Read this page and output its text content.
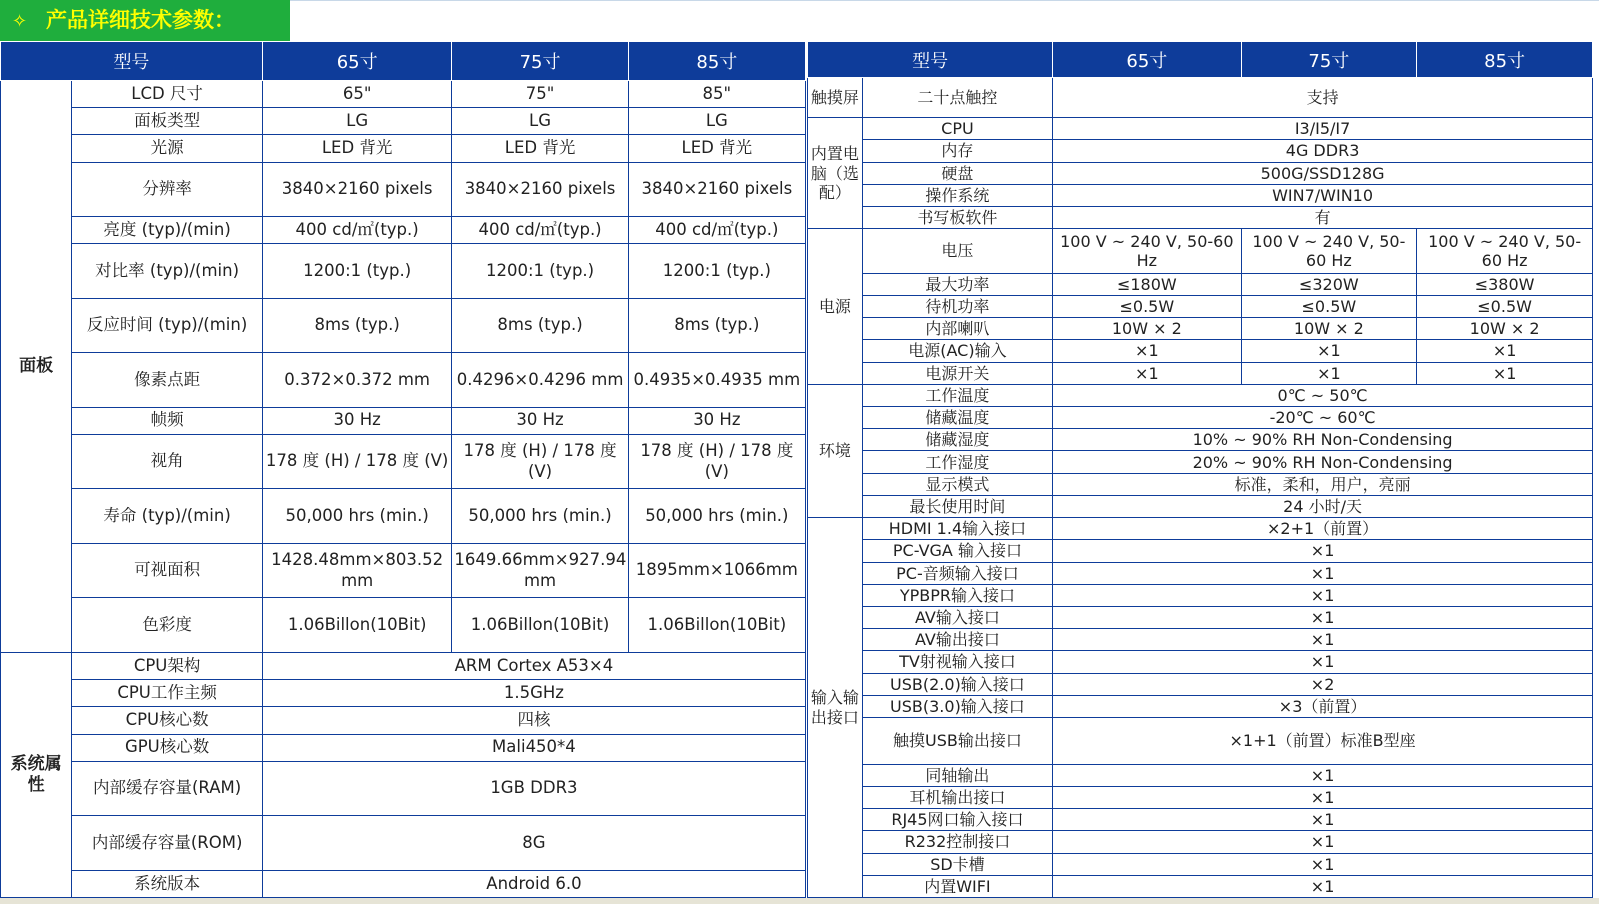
✧ 产品详细技术参数：
型号		65寸	75寸	85寸
面板	LCD 尺寸	65"	75"	85"
	面板类型	LG	LG	LG
	光源	LED 背光	LED 背光	LED 背光
	分辨率	3840×2160 pixels	3840×2160 pixels	3840×2160 pixels
	亮度 (typ)/(min)	400 cd/㎡(typ.)	400 cd/㎡(typ.)	400 cd/㎡(typ.)
	对比率 (typ)/(min)	1200:1 (typ.)	1200:1 (typ.)	1200:1 (typ.)
	反应时间 (typ)/(min)	8ms (typ.)	8ms (typ.)	8ms (typ.)
	像素点距	0.372×0.372 mm	0.4296×0.4296 mm	0.4935×0.4935 mm
	帧频	30 Hz	30 Hz	30 Hz
	视角	178 度 (H) / 178 度 (V)	178 度 (H) / 178 度 (V)	178 度 (H) / 178 度 (V)
	寿命 (typ)/(min)	50,000 hrs (min.)	50,000 hrs (min.)	50,000 hrs (min.)
	可视面积	1428.48mm×803.52 mm	1649.66mm×927.94 mm	1895mm×1066mm
	色彩度	1.06Billon(10Bit)	1.06Billon(10Bit)	1.06Billon(10Bit)
系统属性	CPU架构	ARM Cortex A53×4		
	CPU工作主频	1.5GHz		
	CPU核心数	四核		
	GPU核心数	Mali450*4		
	内部缓存容量(RAM)	1GB DDR3		
	内部缓存容量(ROM)	8G		
	系统版本	Android 6.0		
型号		65寸	75寸	85寸
触摸屏	二十点触控	支持		
内置电脑（选配）	CPU	I3/I5/I7		
	内存	4G DDR3		
	硬盘	500G/SSD128G		
	操作系统	WIN7/WIN10		
	书写板软件	有		
电源	电压	100 V ~ 240 V, 50-60 Hz	100 V ~ 240 V, 50-60 Hz	100 V ~ 240 V, 50-60 Hz
	最大功率	≤180W	≤320W	≤380W
	待机功率	≤0.5W	≤0.5W	≤0.5W
	内部喇叭	10W × 2	10W × 2	10W × 2
	电源(AC)输入	×1	×1	×1
	电源开关	×1	×1	×1
环境	工作温度	0℃ ~ 50℃		
	储藏温度	-20℃ ~ 60℃		
	储藏湿度	10% ~ 90% RH Non-Condensing		
	工作湿度	20% ~ 90% RH Non-Condensing		
	显示模式	标准，柔和，用户，亮丽		
	最长使用时间	24 小时/天		
输入输出接口	HDMI 1.4输入接口	×2+1（前置）		
	PC-VGA 输入接口	×1		
	PC-音频输入接口	×1		
	YPBPR输入接口	×1		
	AV输入接口	×1		
	AV输出接口	×1		
	TV射视输入接口	×1		
	USB(2.0)输入接口	×2		
	USB(3.0)输入接口	×3（前置）		
	触摸USB输出接口	×1+1（前置）标准B型座		
	同轴输出	×1		
	耳机输出接口	×1		
	RJ45网口输入接口	×1		
	R232控制接口	×1		
	SD卡槽	×1		
	内置WIFI	×1		
